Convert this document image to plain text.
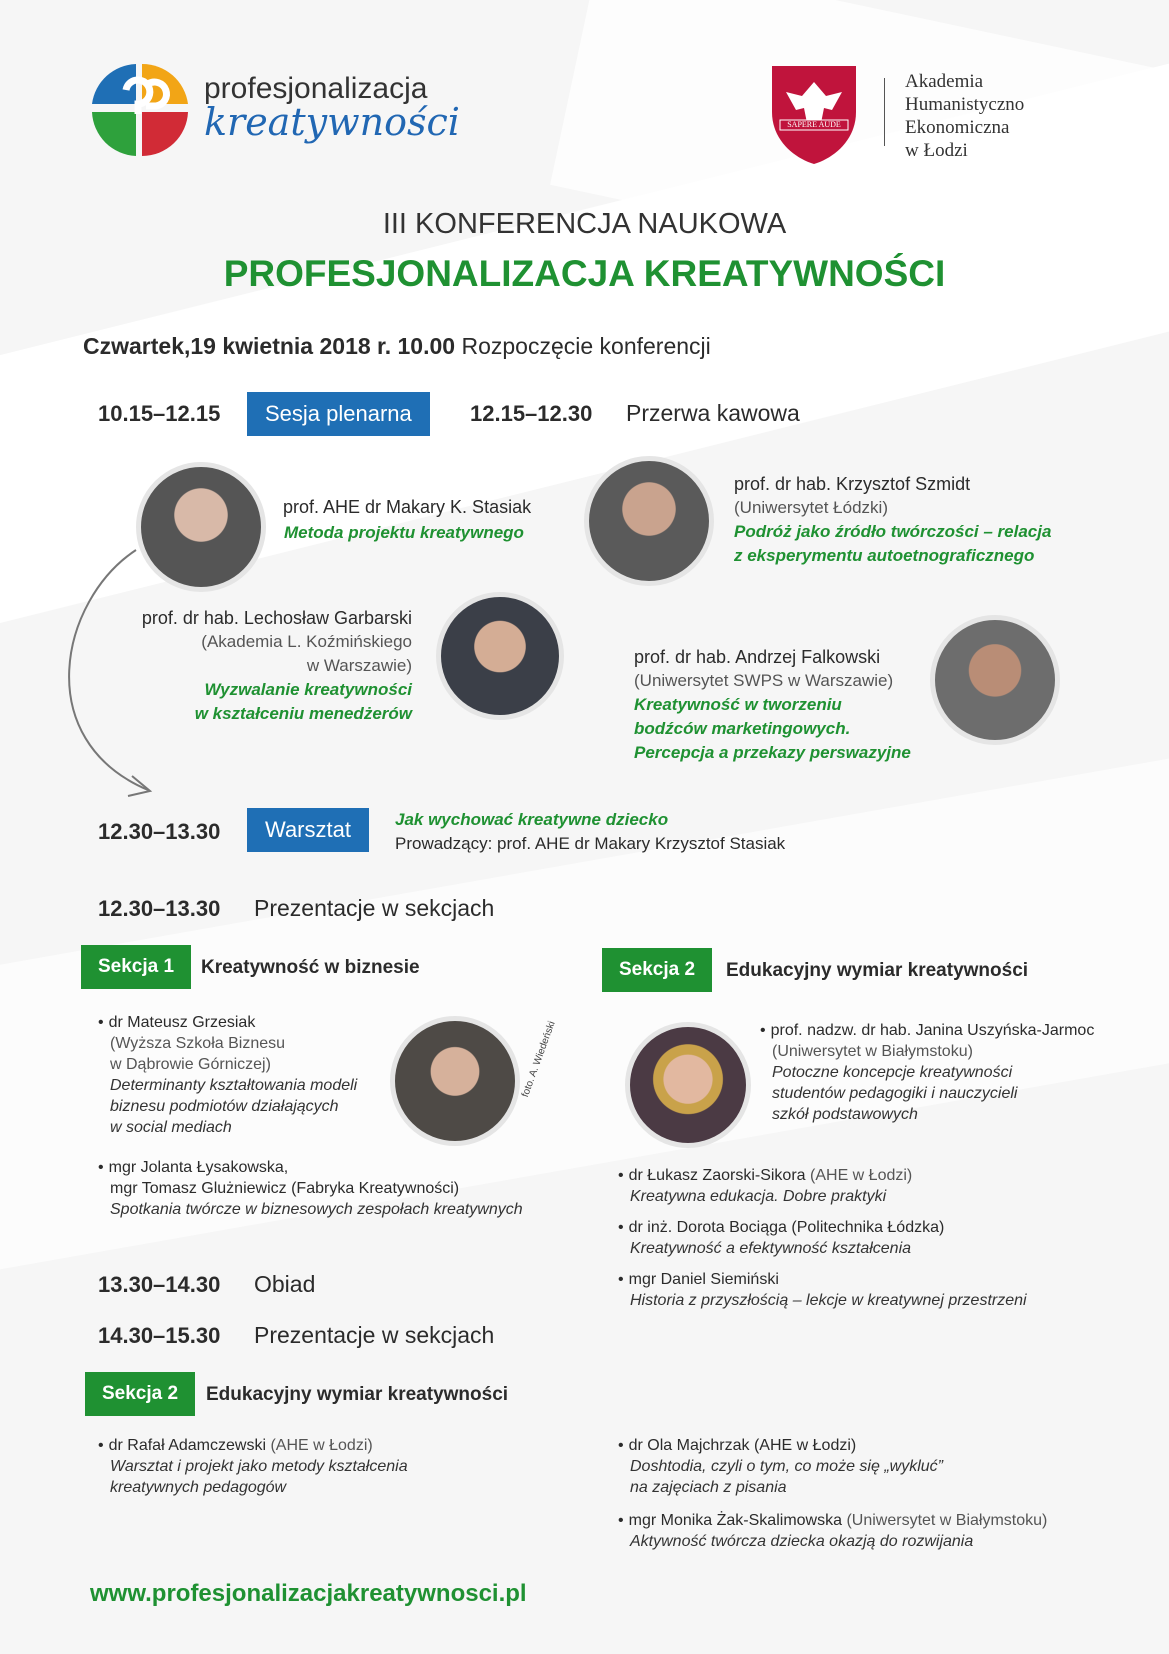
profesjonalizacja
kreatywności	SAPERE AUDE
Akademia
Humanistyczno
Ekonomiczna
w Łodzi
III KONFERENCJA NAUKOWA
PROFESJONALIZACJA KREATYWNOŚCI
Czwartek,19 kwietnia 2018 r. 10.00 Rozpoczęcie konferencji
10.15–12.15	Sesja plenarna	12.15–12.30 Przerwa kawowa
prof. AHE dr Makary K. Stasiak
Metoda projektu kreatywnego
prof. dr hab. Krzysztof Szmidt
(Uniwersytet Łódzki)
Podróż jako źródło twórczości – relacja
z eksperymentu autoetnograficznego
prof. dr hab. Lechosław Garbarski
(Akademia L. Koźmińskiego
w Warszawie)
Wyzwalanie kreatywności
w kształceniu menedżerów
prof. dr hab. Andrzej Falkowski
(Uniwersytet SWPS w Warszawie)
Kreatywność w tworzeniu
bodźców marketingowych.
Percepcja a przekazy perswazyjne
12.30–13.30	Warsztat	Jak wychować kreatywne dziecko
Prowadzący: prof. AHE dr Makary Krzysztof Stasiak
12.30–13.30 Prezentacje w sekcjach
Sekcja 1	Kreatywność w biznesie
foto. A. Wiedeński
• dr Mateusz Grzesiak
(Wyższa Szkoła Biznesu
w Dąbrowie Górniczej)
Determinanty kształtowania modeli
biznesu podmiotów działających
w social mediach
• mgr Jolanta Łysakowska,
mgr Tomasz Glużniewicz (Fabryka Kreatywności)
Spotkania twórcze w biznesowych zespołach kreatywnych
Sekcja 2	Edukacyjny wymiar kreatywności
• prof. nadzw. dr hab. Janina Uszyńska-Jarmoc
(Uniwersytet w Białymstoku)
Potoczne koncepcje kreatywności
studentów pedagogiki i nauczycieli
szkół podstawowych
• dr Łukasz Zaorski-Sikora (AHE w Łodzi)
Kreatywna edukacja. Dobre praktyki
• dr inż. Dorota Bociąga (Politechnika Łódzka)
Kreatywność a efektywność kształcenia
• mgr Daniel Siemiński
Historia z przyszłością – lekcje w kreatywnej przestrzeni
13.30–14.30 Obiad
14.30–15.30 Prezentacje w sekcjach
Sekcja 2	Edukacyjny wymiar kreatywności
• dr Rafał Adamczewski (AHE w Łodzi)
Warsztat i projekt jako metody kształcenia
kreatywnych pedagogów
• dr Ola Majchrzak (AHE w Łodzi)
Doshtodia, czyli o tym, co może się „wykluć”
na zajęciach z pisania
• mgr Monika Żak-Skalimowska (Uniwersytet w Białymstoku)
Aktywność twórcza dziecka okazją do rozwijania
www.profesjonalizacjakreatywnosci.pl
